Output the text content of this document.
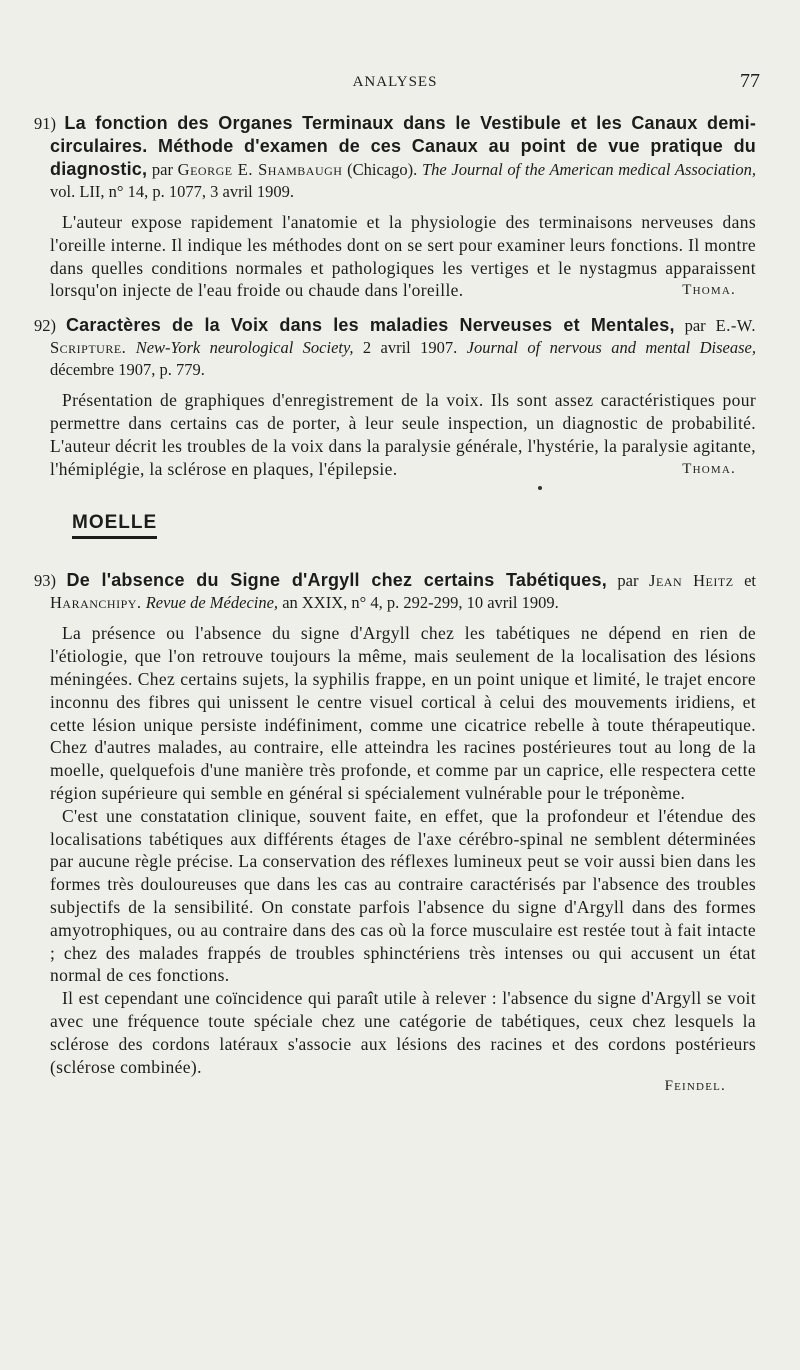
ANALYSES	77

91) La fonction des Organes Terminaux dans le Vestibule et les Canaux demi-circulaires. Méthode d'examen de ces Canaux au point de vue pratique du diagnostic, par George E. Shambaugh (Chicago). The Journal of the American medical Association, vol. LII, n° 14, p. 1077, 3 avril 1909.

L'auteur expose rapidement l'anatomie et la physiologie des terminaisons nerveuses dans l'oreille interne. Il indique les méthodes dont on se sert pour examiner leurs fonctions. Il montre dans quelles conditions normales et pathologiques les vertiges et le nystagmus apparaissent lorsqu'on injecte de l'eau froide ou chaude dans l'oreille.	Thoma.

92) Caractères de la Voix dans les maladies Nerveuses et Mentales, par E.-W. Scripture. New-York neurological Society, 2 avril 1907. Journal of nervous and mental Disease, décembre 1907, p. 779.

Présentation de graphiques d'enregistrement de la voix. Ils sont assez caractéristiques pour permettre dans certains cas de porter, à leur seule inspection, un diagnostic de probabilité. L'auteur décrit les troubles de la voix dans la paralysie générale, l'hystérie, la paralysie agitante, l'hémiplégie, la sclérose en plaques, l'épilepsie.	Thoma.

MOELLE

93) De l'absence du Signe d'Argyll chez certains Tabétiques, par Jean Heitz et Haranchipy. Revue de Médecine, an XXIX, n° 4, p. 292-299, 10 avril 1909.

La présence ou l'absence du signe d'Argyll chez les tabétiques ne dépend en rien de l'étiologie, que l'on retrouve toujours la même, mais seulement de la localisation des lésions méningées. Chez certains sujets, la syphilis frappe, en un point unique et limité, le trajet encore inconnu des fibres qui unissent le centre visuel cortical à celui des mouvements iridiens, et cette lésion unique persiste indéfiniment, comme une cicatrice rebelle à toute thérapeutique. Chez d'autres malades, au contraire, elle atteindra les racines postérieures tout au long de la moelle, quelquefois d'une manière très profonde, et comme par un caprice, elle respectera cette région supérieure qui semble en général si spécialement vulnérable pour le tréponème.

C'est une constatation clinique, souvent faite, en effet, que la profondeur et l'étendue des localisations tabétiques aux différents étages de l'axe cérébro-spinal ne semblent déterminées par aucune règle précise. La conservation des réflexes lumineux peut se voir aussi bien dans les formes très douloureuses que dans les cas au contraire caractérisés par l'absence des troubles subjectifs de la sensibilité. On constate parfois l'absence du signe d'Argyll dans des formes amyotrophiques, ou au contraire dans des cas où la force musculaire est restée tout à fait intacte ; chez des malades frappés de troubles sphinctériens très intenses ou qui accusent un état normal de ces fonctions.

Il est cependant une coïncidence qui paraît utile à relever : l'absence du signe d'Argyll se voit avec une fréquence toute spéciale chez une catégorie de tabétiques, ceux chez lesquels la sclérose des cordons latéraux s'associe aux lésions des racines et des cordons postérieurs (sclérose combinée).

Feindel.
